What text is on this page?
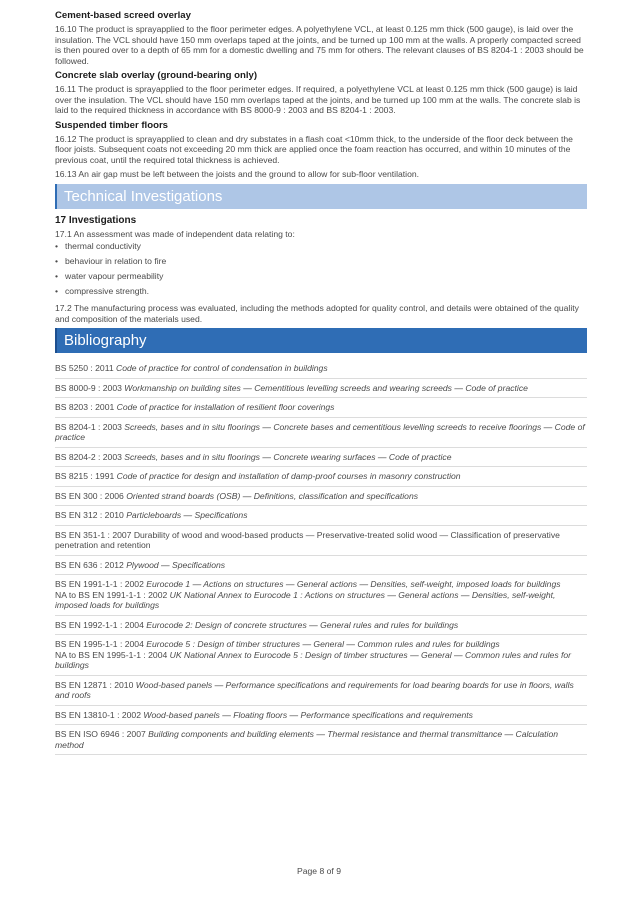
Cement-based screed overlay

16.10 The product is sprayapplied to the floor perimeter edges. A polyethylene VCL, at least 0.125 mm thick (500 gauge), is laid over the insulation. The VCL should have 150 mm overlaps taped at the joints, and be turned up 100 mm at the walls. A properly compacted screed is then poured over to a depth of 65 mm for a domestic dwelling and 75 mm for others. The relevant clauses of BS 8204-1 : 2003 should be followed.

Concrete slab overlay (ground-bearing only)

16.11 The product is sprayapplied to the floor perimeter edges. If required, a polyethylene VCL at least 0.125 mm thick (500 gauge) is laid over the insulation. The VCL should have 150 mm overlaps taped at the joints, and be turned up 100 mm at the walls. The concrete slab is laid to the required thickness in accordance with BS 8000-9 : 2003 and BS 8204-1 : 2003.

Suspended timber floors

16.12 The product is sprayapplied to clean and dry substates in a flash coat <10mm thick, to the underside of the floor deck between the floor joists. Subsequent coats not exceeding 20 mm thick are applied once the foam reaction has occurred, and within 10 minutes of the previous coat, until the required total thickness is achieved.

16.13 An air gap must be left between the joists and the ground to allow for sub-floor ventilation.

Technical Investigations
17 Investigations

17.1 An assessment was made of independent data relating to:

• thermal conductivity
• behaviour in relation to fire
• water vapour permeability
• compressive strength.

17.2 The manufacturing process was evaluated, including the methods adopted for quality control, and details were obtained of the quality and composition of the materials used.

Bibliography

BS 5250 : 2011 Code of practice for control of condensation in buildings

BS 8000-9 : 2003 Workmanship on building sites — Cementitious levelling screeds and wearing screeds — Code of practice

BS 8203 : 2001 Code of practice for installation of resilient floor coverings

BS 8204-1 : 2003 Screeds, bases and in situ floorings — Concrete bases and cementitious levelling screeds to receive floorings — Code of practice

BS 8204-2 : 2003 Screeds, bases and in situ floorings — Concrete wearing surfaces — Code of practice

BS 8215 : 1991 Code of practice for design and installation of damp-proof courses in masonry construction

BS EN 300 : 2006 Oriented strand boards (OSB) — Definitions, classification and specifications

BS EN 312 : 2010 Particleboards — Specifications

BS EN 351-1 : 2007 Durability of wood and wood-based products — Preservative-treated solid wood — Classification of preservative penetration and retention

BS EN 636 : 2012 Plywood — Specifications

BS EN 1991-1-1 : 2002 Eurocode 1 — Actions on structures — General actions — Densities, self-weight, imposed loads for buildings
NA to BS EN 1991-1-1 : 2002 UK National Annex to Eurocode 1 : Actions on structures — General actions — Densities, self-weight, imposed loads for buildings

BS EN 1992-1-1 : 2004 Eurocode 2: Design of concrete structures — General rules and rules for buildings

BS EN 1995-1-1 : 2004 Eurocode 5 : Design of timber structures — General — Common rules and rules for buildings
NA to BS EN 1995-1-1 : 2004 UK National Annex to Eurocode 5 : Design of timber structures — General — Common rules and rules for buildings

BS EN 12871 : 2010 Wood-based panels — Performance specifications and requirements for load bearing boards for use in floors, walls and roofs

BS EN 13810-1 : 2002 Wood-based panels — Floating floors — Performance specifications and requirements

BS EN ISO 6946 : 2007 Building components and building elements — Thermal resistance and thermal transmittance — Calculation method

Page 8 of 9
